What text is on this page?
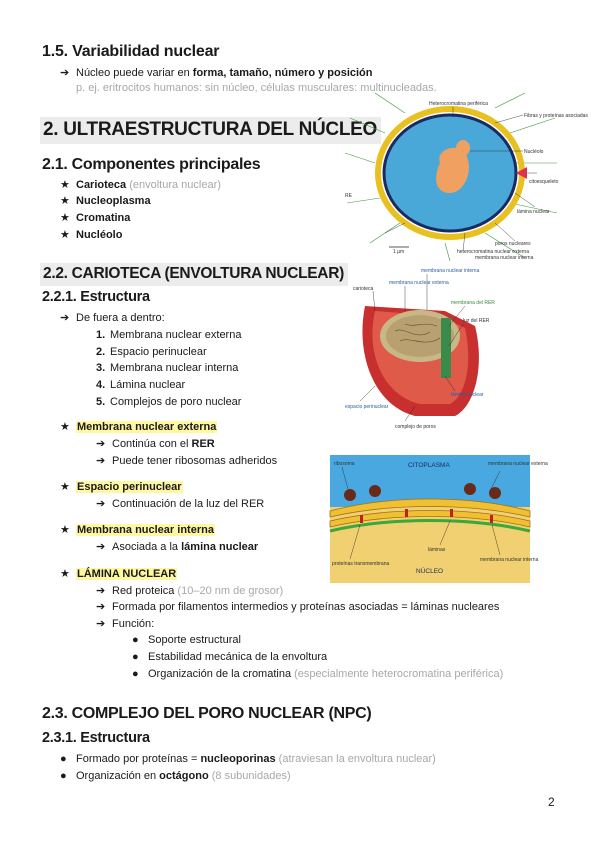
1.5. Variabilidad nuclear
➔ Núcleo puede variar en forma, tamaño, número y posición
p. ej. eritrocitos humanos: sin núcleo, células musculares: multinucleadas.
2. ULTRAESTRUCTURA DEL NÚCLEO
2.1. Componentes principales
★ Carioteca (envoltura nuclear)
★ Nucleoplasma
★ Cromatina
★ Nucléolo
2.2. CARIOTECA (ENVOLTURA NUCLEAR)
2.2.1. Estructura
➔ De fuera a dentro:
1. Membrana nuclear externa
2. Espacio perinuclear
3. Membrana nuclear interna
4. Lámina nuclear
5. Complejos de poro nuclear
★ Membrana nuclear externa
➔ Continúa con el RER
➔ Puede tener ribosomas adheridos
★ Espacio perinuclear
➔ Continuación de la luz del RER
★ Membrana nuclear interna
➔ Asociada a la lámina nuclear
★ LÁMINA NUCLEAR
➔ Red proteica (10–20 nm de grosor)
➔ Formada por filamentos intermedios y proteínas asociadas = láminas nucleares
➔ Función:
● Soporte estructural
● Estabilidad mecánica de la envoltura
● Organización de la cromatina (especialmente heterocromatina periférica)
2.3. COMPLEJO DEL PORO NUCLEAR (NPC)
2.3.1. Estructura
● Formado por proteínas = nucleoporinas (atraviesan la envoltura nuclear)
● Organización en octágono (8 subunidades)
2
Heterocromatina periférica
Fibras y proteínas asociadas
Nucléolo
citoesqueleto
lámina nuclear
poros nucleares
heterocromatina nuclear externa
membrana nuclear interna
RE
1 µm
carioteca
membrana nuclear externa
membrana nuclear interna
membrana del RER
luz del RER
lámina nuclear
espacio perinuclear
complejo de poros
CITOPLASMA
ribosoma	membrana nuclear externa
láminas
NÚCLEO
proteínas transmembrana
membrana nuclear interna
